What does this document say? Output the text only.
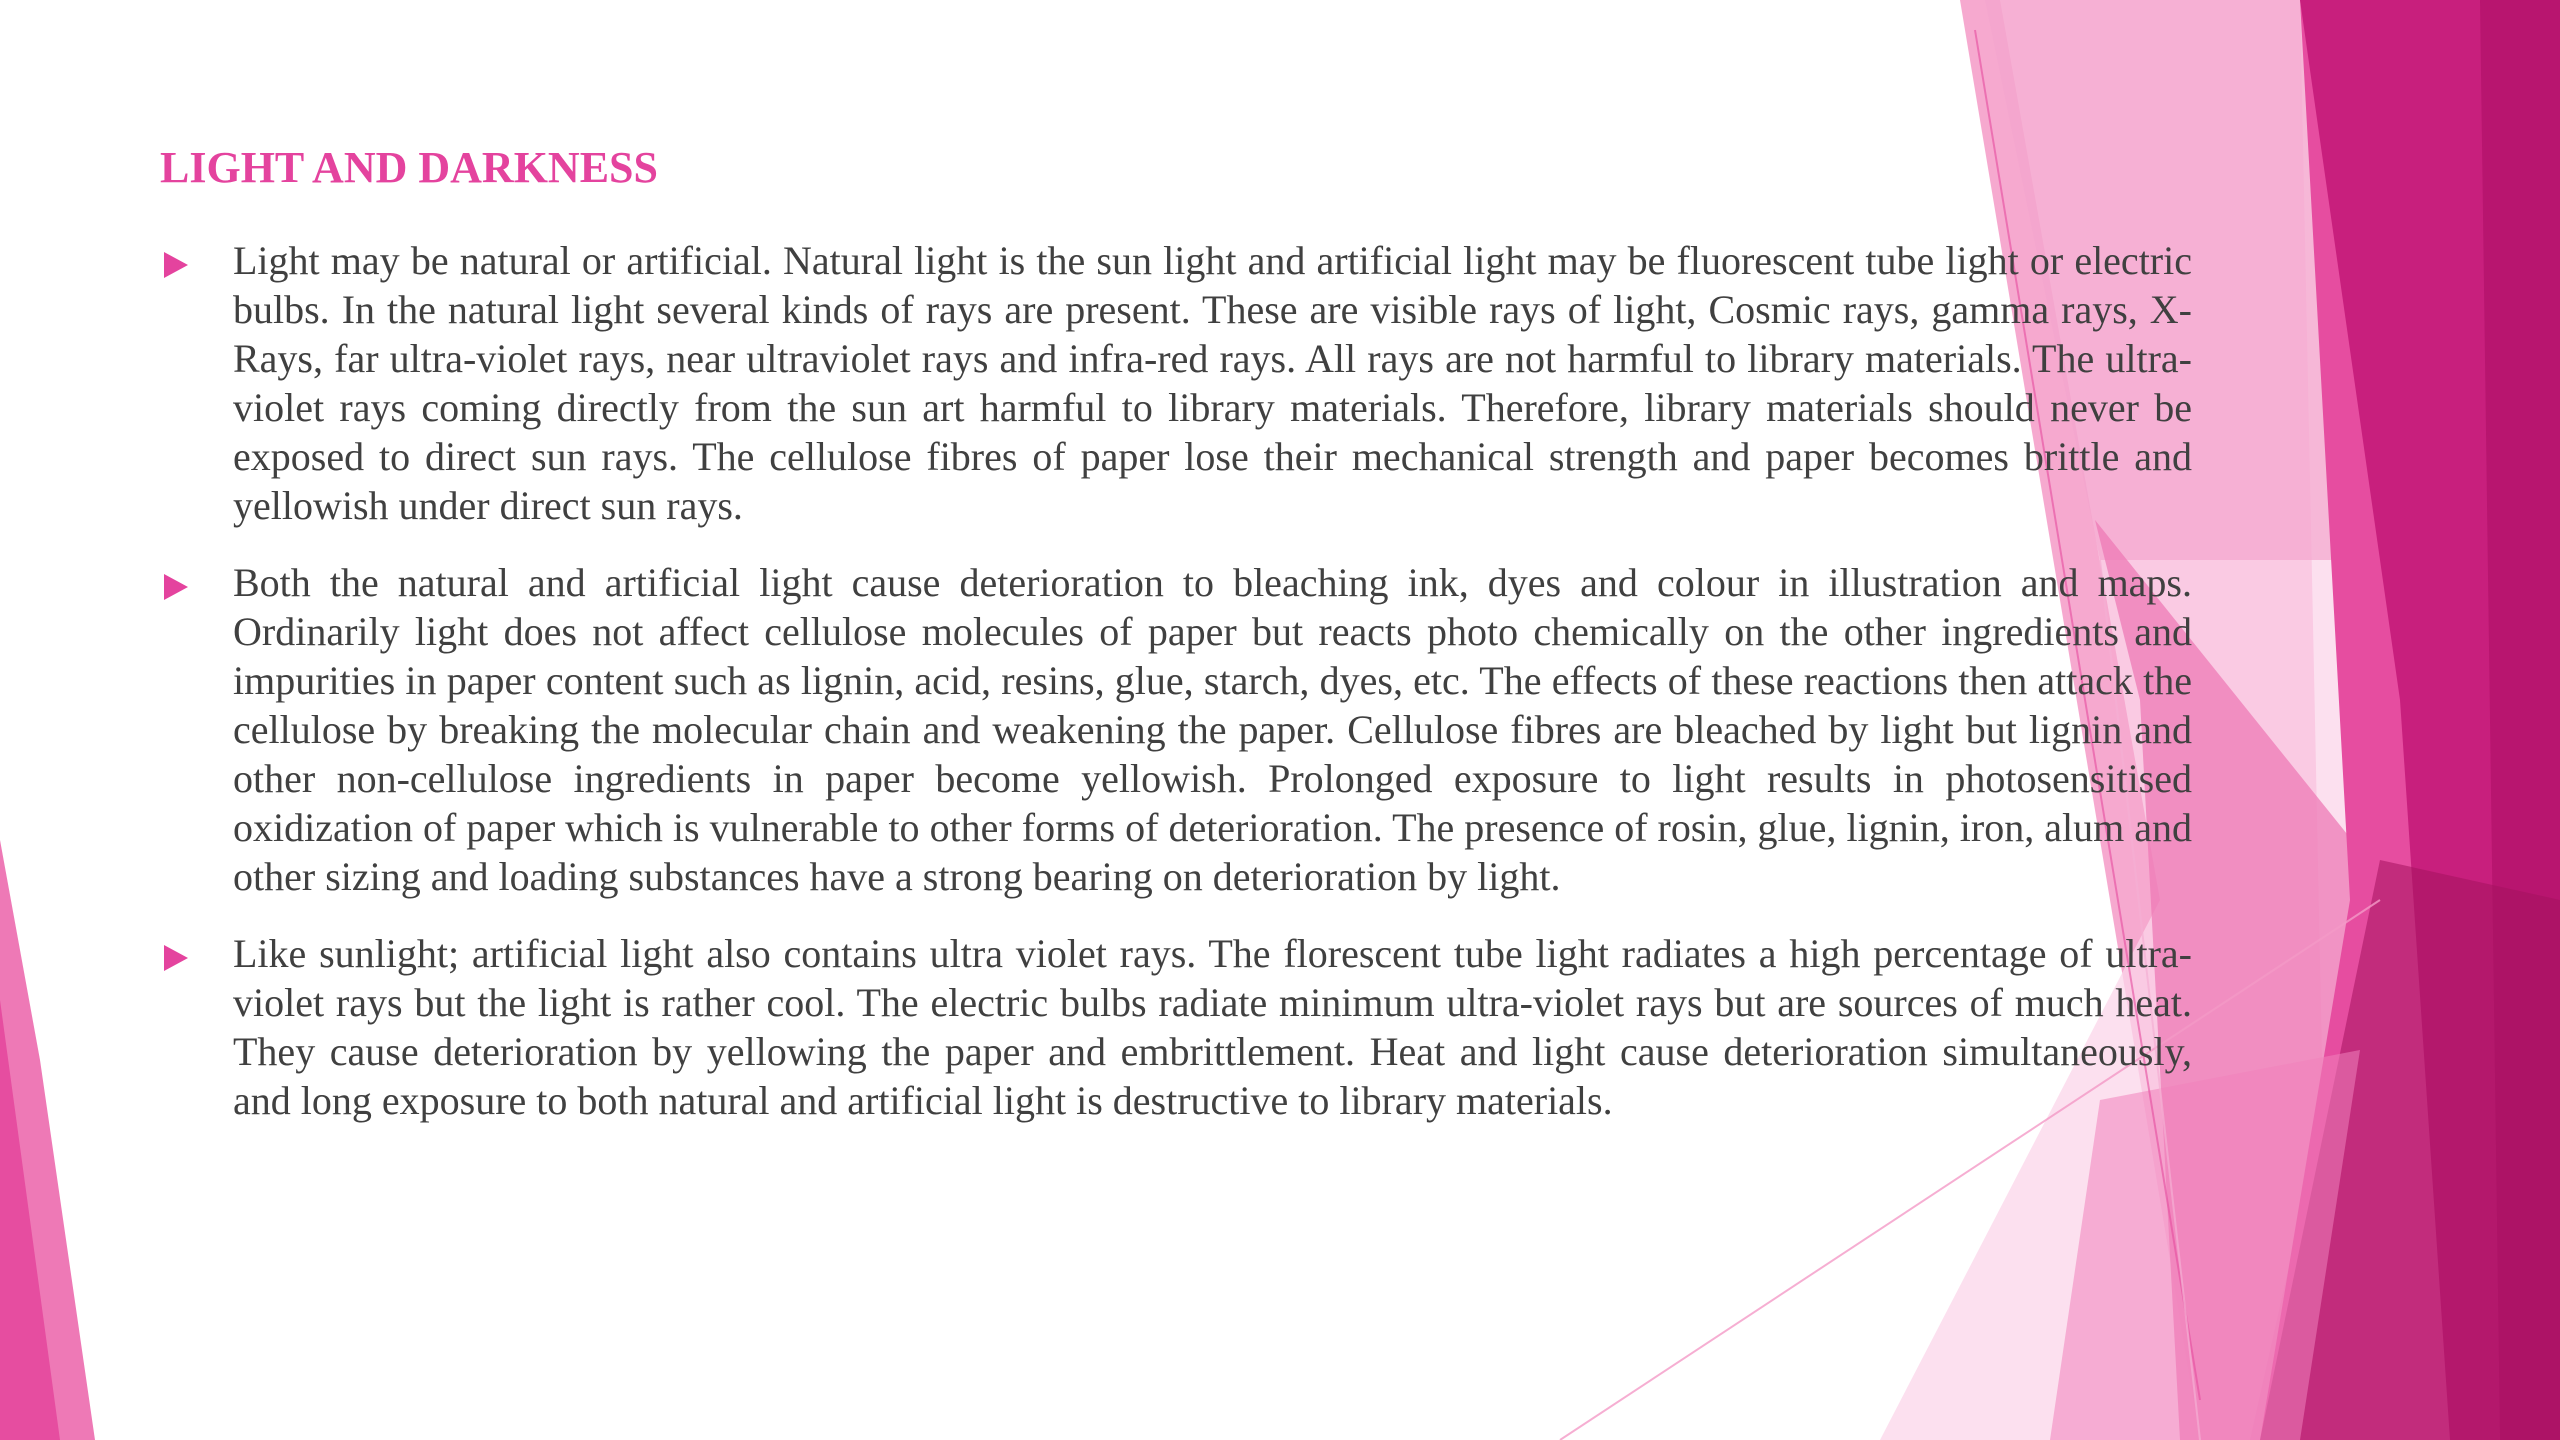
LIGHT AND DARKNESS

Light may be natural or artificial. Natural light is the sun light and artificial light may be fluorescent tube light or electric bulbs. In the natural light several kinds of rays are present. These are visible rays of light, Cosmic rays, gamma rays, X-Rays, far ultra-violet rays, near ultraviolet rays and infra-red rays. All rays are not harmful to library materials. The ultra-violet rays coming directly from the sun art harmful to library materials. Therefore, library materials should never be exposed to direct sun rays. The cellulose fibres of paper lose their mechanical strength and paper becomes brittle and yellowish under direct sun rays.

Both the natural and artificial light cause deterioration to bleaching ink, dyes and colour in illustration and maps. Ordinarily light does not affect cellulose molecules of paper but reacts photo chemically on the other ingredients and impurities in paper content such as lignin, acid, resins, glue, starch, dyes, etc. The effects of these reactions then attack the cellulose by breaking the molecular chain and weakening the paper. Cellulose fibres are bleached by light but lignin and other non-cellulose ingredients in paper become yellowish. Prolonged exposure to light results in photosensitised oxidization of paper which is vulnerable to other forms of deterioration. The presence of rosin, glue, lignin, iron, alum and other sizing and loading substances have a strong bearing on deterioration by light.

Like sunlight; artificial light also contains ultra violet rays. The florescent tube light radiates a high percentage of ultra-violet rays but the light is rather cool. The electric bulbs radiate minimum ultra-violet rays but are sources of much heat. They cause deterioration by yellowing the paper and embrittlement. Heat and light cause deterioration simultaneously, and long exposure to both natural and artificial light is destructive to library materials.
